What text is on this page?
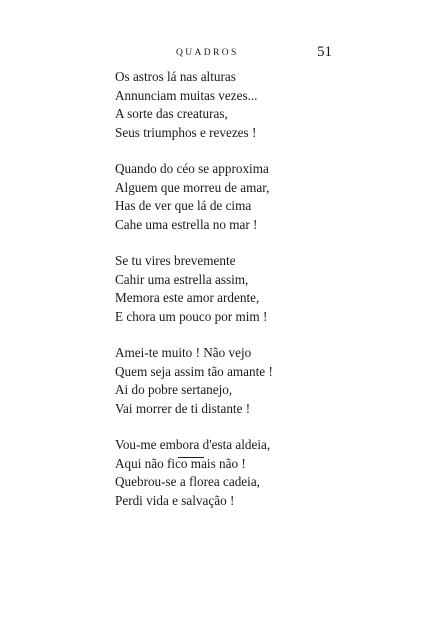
QUADROS	51
Os astros lá nas alturas
Annunciam muitas vezes...
A sorte das creaturas,
Seus triumphos e revezes !
Quando do céo se approxima
Alguem que morreu de amar,
Has de ver que lá de cima
Cahe uma estrella no mar !
Se tu vires brevemente
Cahir uma estrella assim,
Memora este amor ardente,
E chora um pouco por mim !
Amei-te muito ! Não vejo
Quem seja assim tão amante !
Ai do pobre sertanejo,
Vai morrer de ti distante !
Vou-me embora d'esta aldeia,
Aqui não fico mais não !
Quebrou-se a florea cadeia,
Perdi vida e salvação !
